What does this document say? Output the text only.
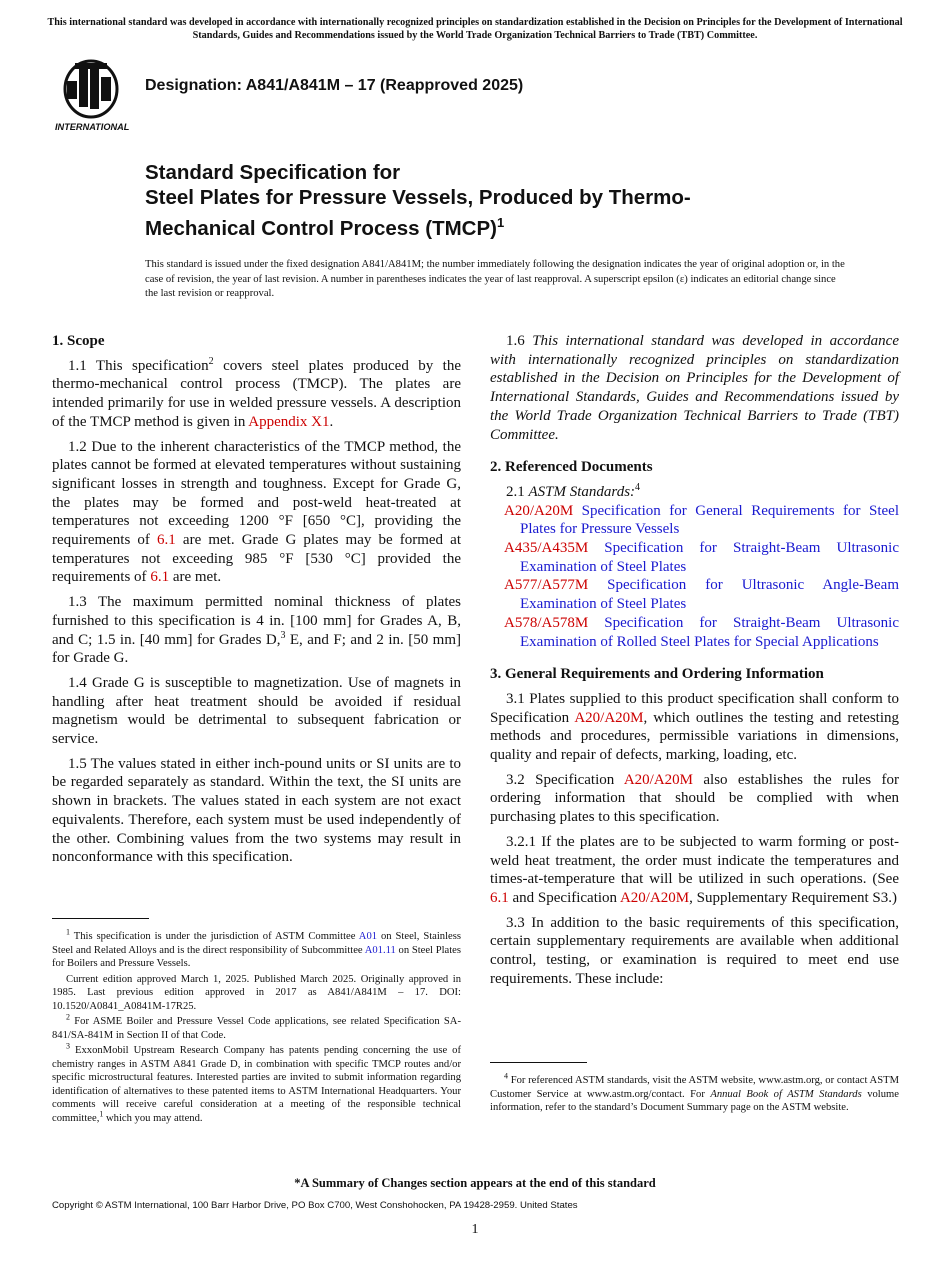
This international standard was developed in accordance with internationally recognized principles on standardization established in the Decision on Principles for the Development of International Standards, Guides and Recommendations issued by the World Trade Organization Technical Barriers to Trade (TBT) Committee.
INTERNATIONAL
Designation: A841/A841M – 17 (Reapproved 2025)
Standard Specification for
Steel Plates for Pressure Vessels, Produced by Thermo-
Mechanical Control Process (TMCP)$^1$
This standard is issued under the fixed designation A841/A841M; the number immediately following the designation indicates the year of original adoption or, in the case of revision, the year of last revision. A number in parentheses indicates the year of last reapproval. A superscript epsilon (ε) indicates an editorial change since the last revision or reapproval.
1. Scope

1.1 This specification$^2$ covers steel plates produced by the thermo-mechanical control process (TMCP). The plates are intended primarily for use in welded pressure vessels. A description of the TMCP method is given in Appendix X1.

1.2 Due to the inherent characteristics of the TMCP method, the plates cannot be formed at elevated temperatures without sustaining significant losses in strength and toughness. Except for Grade G, the plates may be formed and post-weld heat-treated at temperatures not exceeding 1200 °F [650 °C], providing the requirements of 6.1 are met. Grade G plates may be formed at temperatures not exceeding 985 °F [530 °C] provided the requirements of 6.1 are met.

1.3 The maximum permitted nominal thickness of plates furnished to this specification is 4 in. [100 mm] for Grades A, B, and C; 1.5 in. [40 mm] for Grades D,$^3$ E, and F; and 2 in. [50 mm] for Grade G.

1.4 Grade G is susceptible to magnetization. Use of magnets in handling after heat treatment should be avoided if residual magnetism would be detrimental to subsequent fabrication or service.

1.5 The values stated in either inch-pound units or SI units are to be regarded separately as standard. Within the text, the SI units are shown in brackets. The values stated in each system are not exact equivalents. Therefore, each system must be used independently of the other. Combining values from the two systems may result in nonconformance with this specification.

$^1$ This specification is under the jurisdiction of ASTM Committee A01 on Steel, Stainless Steel and Related Alloys and is the direct responsibility of Subcommittee A01.11 on Steel Plates for Boilers and Pressure Vessels.

Current edition approved March 1, 2025. Published March 2025. Originally approved in 1985. Last previous edition approved in 2017 as A841/A841M – 17. DOI: 10.1520/A0841_A0841M-17R25.

$^2$ For ASME Boiler and Pressure Vessel Code applications, see related Specification SA-841/SA-841M in Section II of that Code.

$^3$ ExxonMobil Upstream Research Company has patents pending concerning the use of chemistry ranges in ASTM A841 Grade D, in combination with specific TMCP routes and/or specific microstructural features. Interested parties are invited to submit information regarding identification of alternatives to these patented items to ASTM International Headquarters. Your comments will receive careful consideration at a meeting of the responsible technical committee,$^1$ which you may attend.

1.6 This international standard was developed in accordance with internationally recognized principles on standardization established in the Decision on Principles for the Development of International Standards, Guides and Recommendations issued by the World Trade Organization Technical Barriers to Trade (TBT) Committee.

2. Referenced Documents

2.1 ASTM Standards:$^4$

A20/A20M Specification for General Requirements for Steel Plates for Pressure Vessels
A435/A435M Specification for Straight-Beam Ultrasonic Examination of Steel Plates
A577/A577M Specification for Ultrasonic Angle-Beam Examination of Steel Plates
A578/A578M Specification for Straight-Beam Ultrasonic Examination of Rolled Steel Plates for Special Applications
3. General Requirements and Ordering Information

3.1 Plates supplied to this product specification shall conform to Specification A20/A20M, which outlines the testing and retesting methods and procedures, permissible variations in dimensions, quality and repair of defects, marking, loading, etc.

3.2 Specification A20/A20M also establishes the rules for ordering information that should be complied with when purchasing plates to this specification.

3.2.1 If the plates are to be subjected to warm forming or post-weld heat treatment, the order must indicate the temperatures and times-at-temperature that will be utilized in such operations. (See 6.1 and Specification A20/A20M, Supplementary Requirement S3.)

3.3 In addition to the basic requirements of this specification, certain supplementary requirements are available when additional control, testing, or examination is required to meet end use requirements. These include:

$^4$ For referenced ASTM standards, visit the ASTM website, www.astm.org, or contact ASTM Customer Service at www.astm.org/contact. For Annual Book of ASTM Standards volume information, refer to the standard’s Document Summary page on the ASTM website.

*A Summary of Changes section appears at the end of this standard
Copyright © ASTM International, 100 Barr Harbor Drive, PO Box C700, West Conshohocken, PA 19428-2959. United States
1
